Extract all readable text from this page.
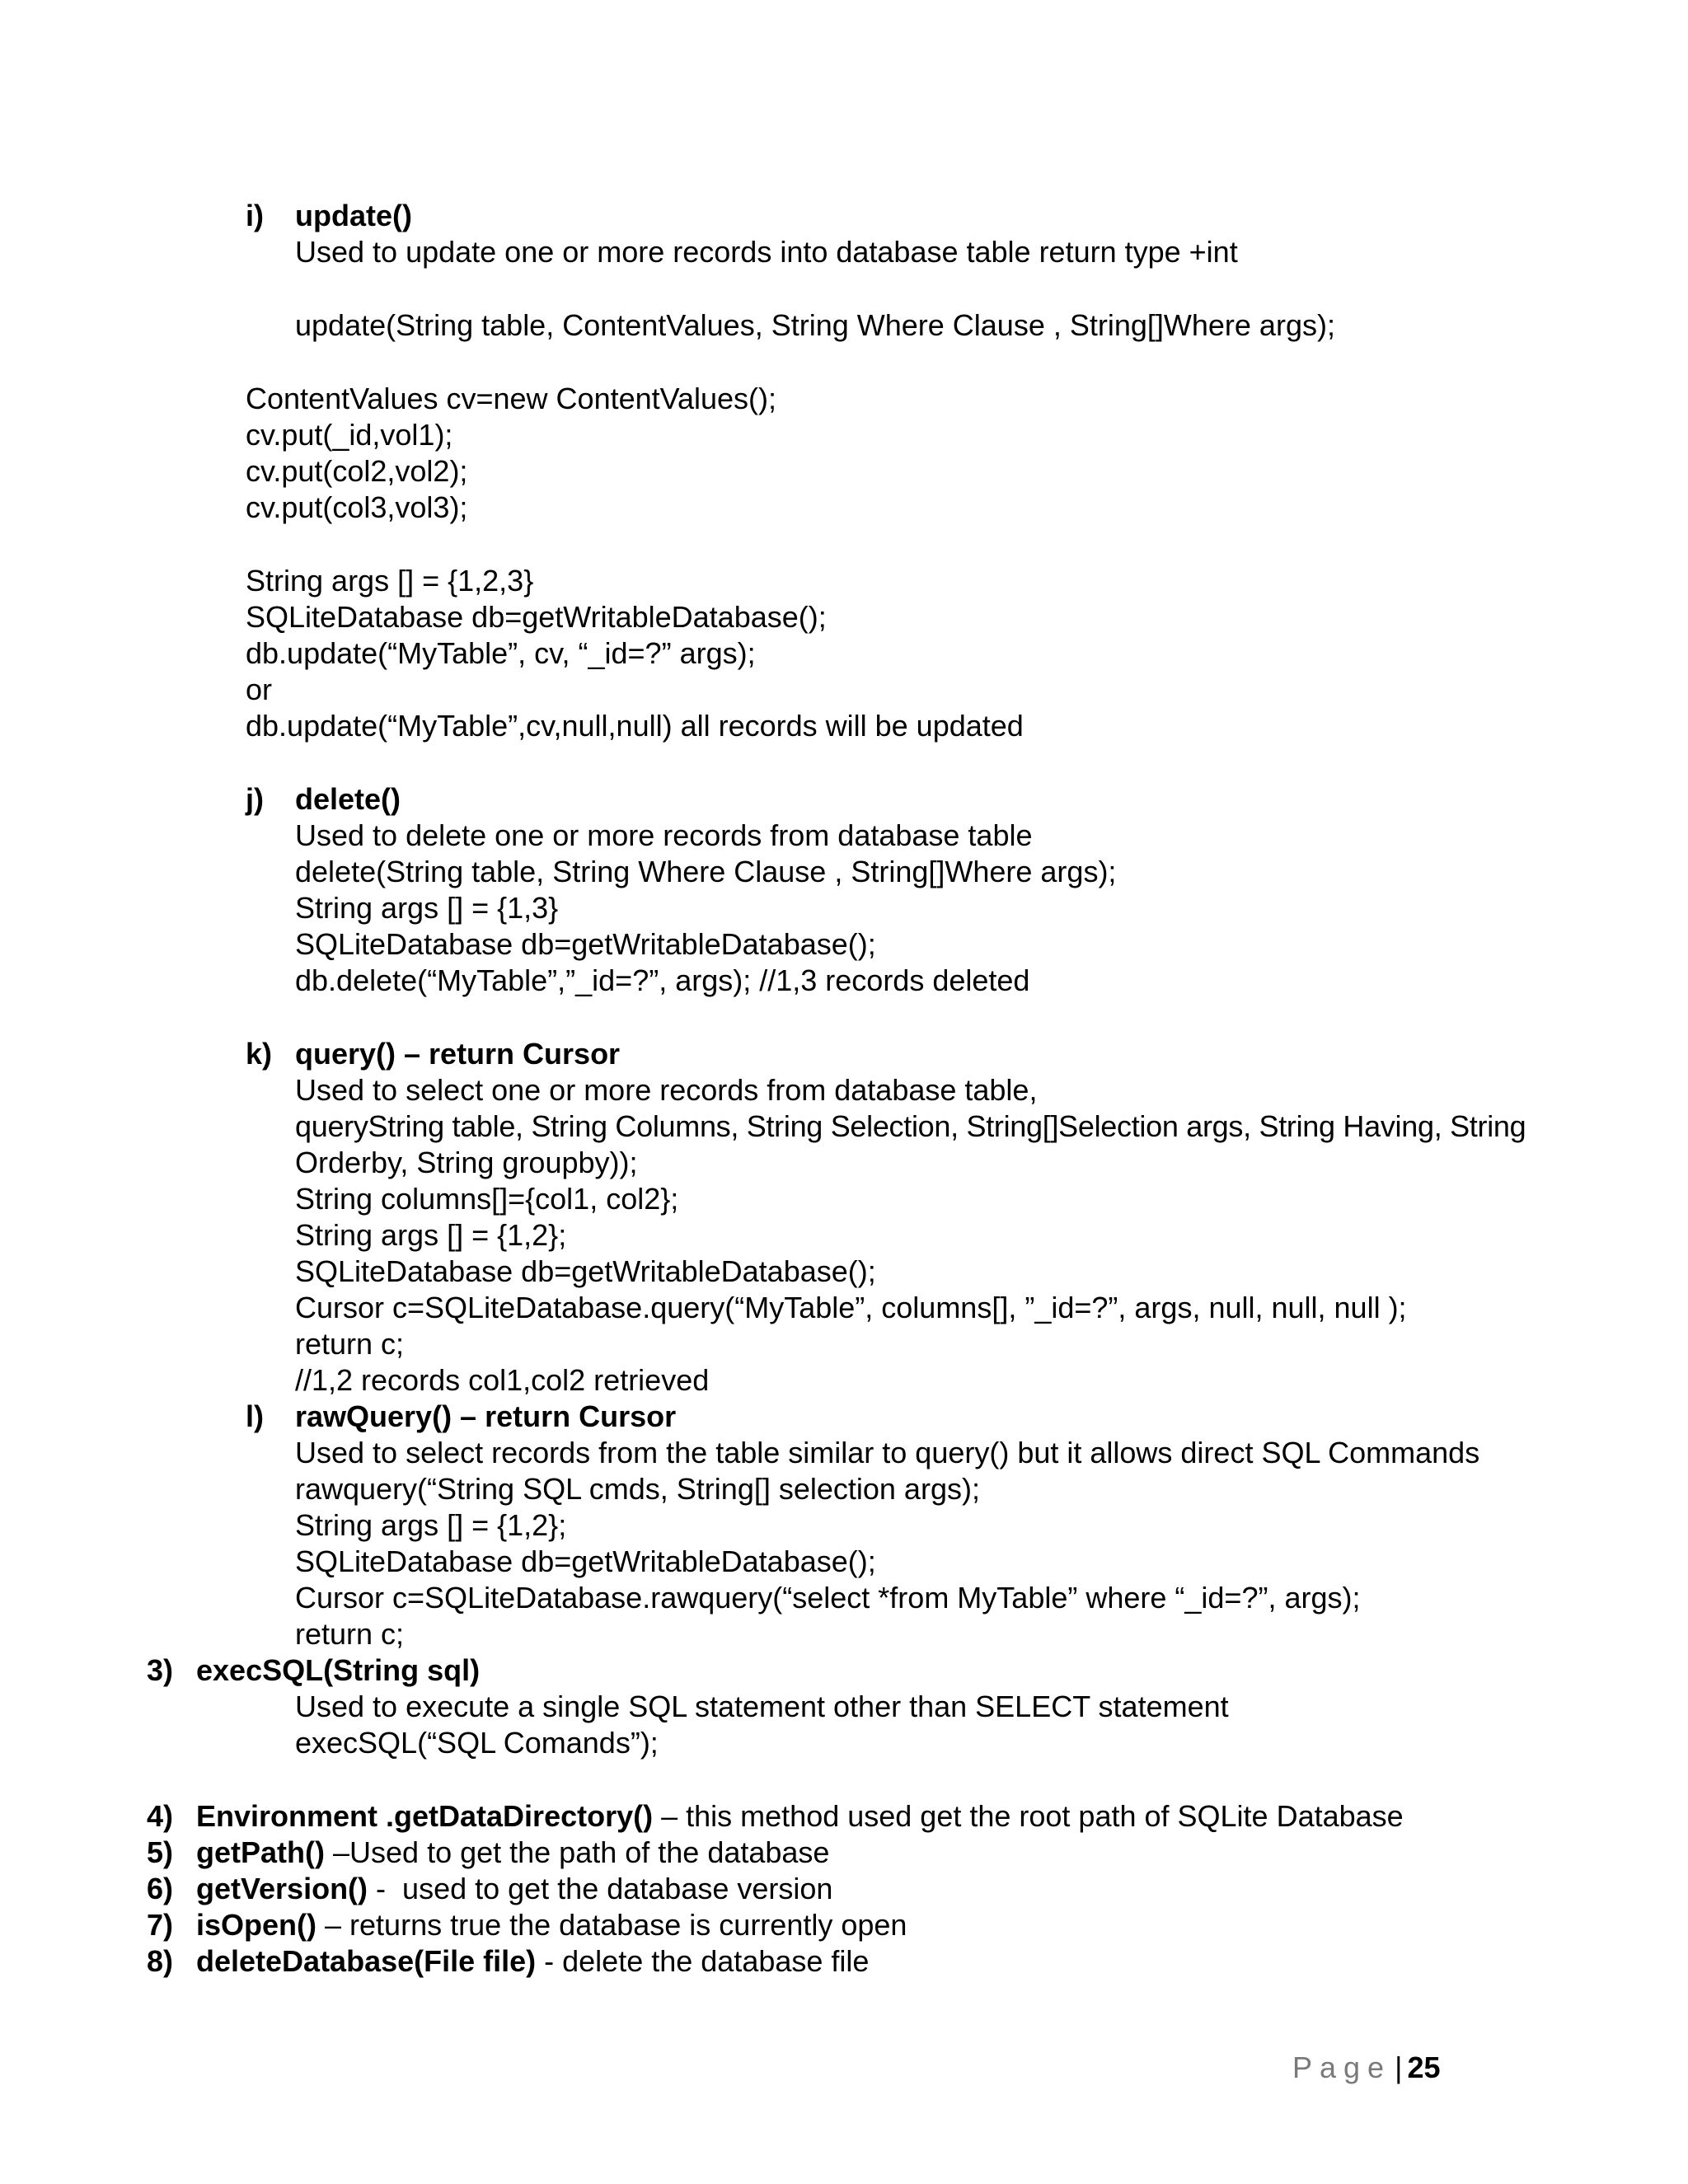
i) update()
Used to update one or more records into database table return type +int
update(String table, ContentValues, String Where Clause , String[]Where args);
ContentValues cv=new ContentValues();
cv.put(_id,vol1);
cv.put(col2,vol2);
cv.put(col3,vol3);
String args [] = {1,2,3}
SQLiteDatabase db=getWritableDatabase();
db.update(“MyTable”, cv, “_id=?” args);
or
db.update(“MyTable”,cv,null,null) all records will be updated
j) delete()
Used to delete one or more records from database table
delete(String table, String Where Clause , String[]Where args);
String args [] = {1,3}
SQLiteDatabase db=getWritableDatabase();
db.delete(“MyTable”,”_id=?”, args); //1,3 records deleted
k) query() – return Cursor
Used to select one or more records from database table,
queryString table, String Columns, String Selection, String[]Selection args, String Having, String
Orderby, String groupby));
String columns[]={col1, col2};
String args [] = {1,2};
SQLiteDatabase db=getWritableDatabase();
Cursor c=SQLiteDatabase.query(“MyTable”, columns[], ”_id=?”, args, null, null, null );
return c;
//1,2 records col1,col2 retrieved
l) rawQuery() – return Cursor
Used to select records from the table similar to query() but it allows direct SQL Commands
rawquery(“String SQL cmds, String[] selection args);
String args [] = {1,2};
SQLiteDatabase db=getWritableDatabase();
Cursor c=SQLiteDatabase.rawquery(“select *from MyTable” where “_id=?”, args);
return c;
3) execSQL(String sql)
Used to execute a single SQL statement other than SELECT statement
execSQL(“SQL Comands”);
4) Environment .getDataDirectory() – this method used get the root path of SQLite Database
5) getPath() –Used to get the path of the database
6) getVersion() -  used to get the database version
7) isOpen() – returns true the database is currently open
8) deleteDatabase(File file) - delete the database file
Page | 25
